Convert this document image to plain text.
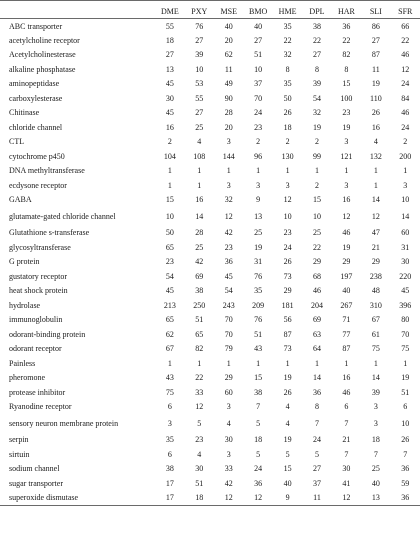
	DME	PXY	MSE	BMO	HME	DPL	HAR	SLI	SFR
ABC transporter	55	76	40	40	35	38	36	86	66
acetylcholine receptor	18	27	20	27	22	22	22	27	22
Acetylcholinesterase	27	39	62	51	32	27	82	87	46
alkaline phosphatase	13	10	11	10	8	8	8	11	12
aminopeptidase	45	53	49	37	35	39	15	19	24
carboxylesterase	30	55	90	70	50	54	100	110	84
Chitinase	45	27	28	24	26	32	23	26	46
chloride channel	16	25	20	23	18	19	19	16	24
CTL	2	4	3	2	2	2	3	4	2
cytochrome p450	104	108	144	96	130	99	121	132	200
DNA methyltransferase	1	1	1	1	1	1	1	1	1
ecdysone receptor	1	1	3	3	3	2	3	1	3
GABA	15	16	32	9	12	15	16	14	10
glutamate-gated chloride channel	10	14	12	13	10	10	12	12	14
Glutathione s-transferase	50	28	42	25	23	25	46	47	60
glycosyltransferase	65	25	23	19	24	22	19	21	31
G protein	23	42	36	31	26	29	29	29	30
gustatory receptor	54	69	45	76	73	68	197	238	220
heat shock protein	45	38	54	35	29	46	40	48	45
hydrolase	213	250	243	209	181	204	267	310	396
immunoglobulin	65	51	70	76	56	69	71	67	80
odorant-binding protein	62	65	70	51	87	63	77	61	70
odorant receptor	67	82	79	43	73	64	87	75	75
Painless	1	1	1	1	1	1	1	1	1
pheromone	43	22	29	15	19	14	16	14	19
protease inhibitor	75	33	60	38	26	36	46	39	51
Ryanodine receptor	6	12	3	7	4	8	6	3	6
sensory neuron membrane protein	3	5	4	5	4	7	7	3	10
serpin	35	23	30	18	19	24	21	18	26
sirtuin	6	4	3	5	5	5	7	7	7
sodium channel	38	30	33	24	15	27	30	25	36
sugar transporter	17	51	42	36	40	37	41	40	59
superoxide dismutase	17	18	12	12	9	11	12	13	36
